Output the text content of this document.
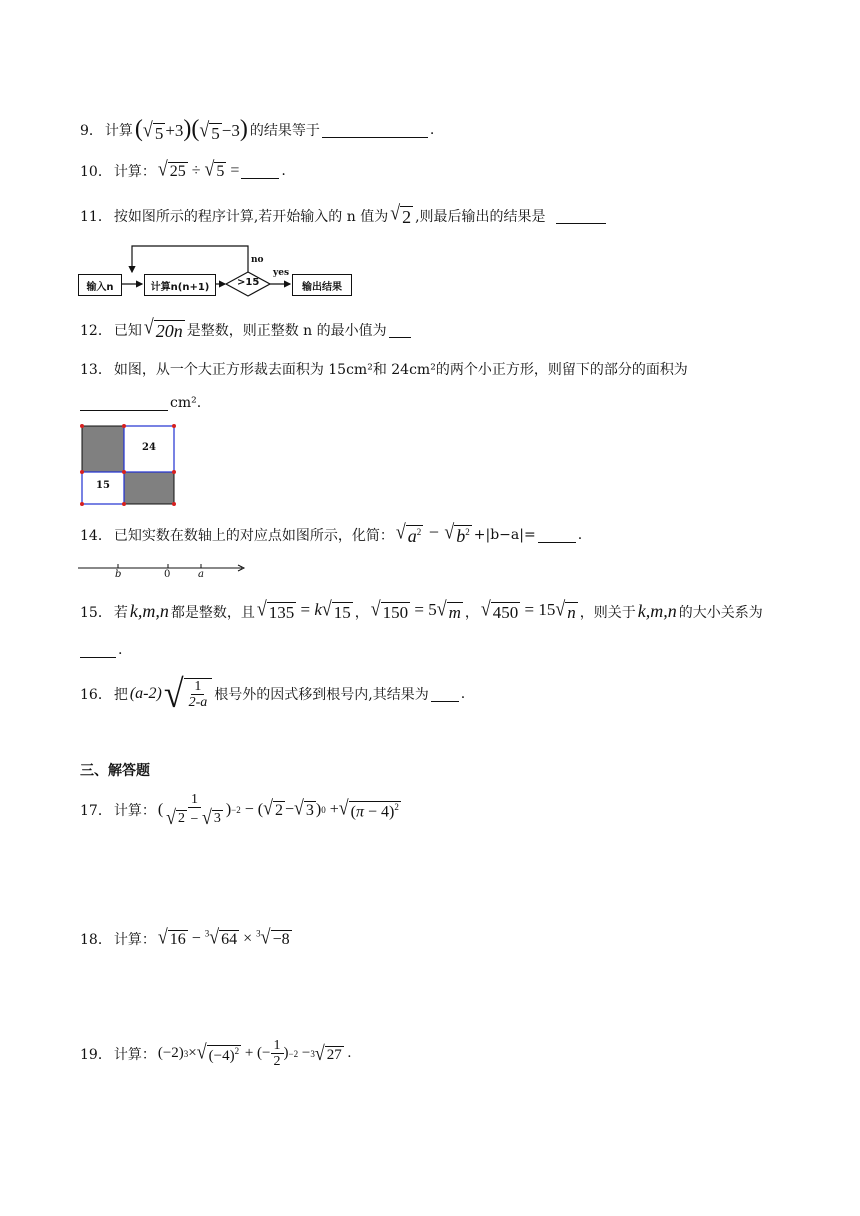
9． 计算 ( √ 5 +3)( √ 5 −3) 的结果等于	.
10． 计算： √ 25 ÷ √ 5 =	.
11． 按如图所示的程序计算,若开始输入的 n 值为 √ 2 ,则最后输出的结果是
输入n	计算n(n+1)	>15	输出结果
no
yes
12． 已知 √ 20n 是整数，则正整数 n 的最小值为
13． 如图，从一个大正方形裁去面积为 15cm²和 24cm²的两个小正方形，则留下的部分的面积为
cm².
24
15
14． 已知实数在数轴上的对应点如图所示，化简： √ $a^2$ − √ $b^2 +|b-a|=$	.
b	0	a
15． 若 k,m,n 都是整数，且 √ 135 = k √ 15 ， √ 150 = 5 √ m ， √ 450 = 15 √ n ，则关于 k,m,n 的大小关系为
.
16． 把 (a-2) √ $\frac{1}{2-a}$ 根号外的因式移到根号内,其结果为 .
三、解答题
17． 计算： ( $\frac{1}{√ 2 - √ 3}$ ) −2 − ( √ 2 − √ 3 ) 0 + √ $(\pi - 4)^2$
18． 计算： √ 16 − $^3$ √ 64 × $^3$ √ −8
19． 计算： (−2) 3 × √ $(-4)^2$ + (− $\frac{1}{2}$ ) −2 − 3 √ 27 .
